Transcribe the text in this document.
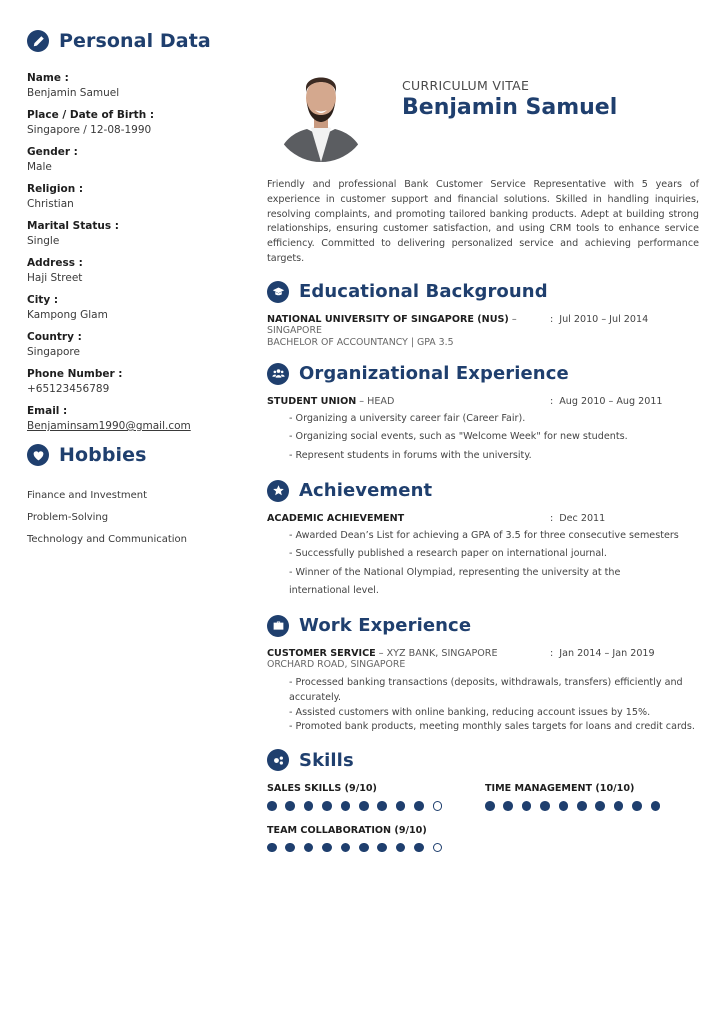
Personal Data
Name :
Benjamin Samuel
Place / Date of Birth :
Singapore / 12-08-1990
Gender :
Male
Religion :
Christian
Marital Status :
Single
Address :
Haji Street
City :
Kampong Glam
Country :
Singapore
Phone Number :
+65123456789
Email :
Benjaminsam1990@gmail.com
Hobbies
Finance and Investment
Problem-Solving
Technology and Communication
CURRICULUM VITAE
Benjamin Samuel

Friendly and professional Bank Customer Service Representative with 5 years of experience in customer support and financial solutions. Skilled in handling inquiries, resolving complaints, and promoting tailored banking products. Adept at building strong relationships, ensuring customer satisfaction, and using CRM tools to enhance service efficiency. Committed to delivering personalized service and achieving performance targets.

Educational Background
NATIONAL UNIVERSITY OF SINGAPORE (NUS) –	: Jul 2010 – Jul 2014
SINGAPORE
BACHELOR OF ACCOUNTANCY | GPA 3.5
Organizational Experience
STUDENT UNION – HEAD	: Aug 2010 – Aug 2011
- Organizing a university career fair (Career Fair).
- Organizing social events, such as "Welcome Week" for new students.
- Represent students in forums with the university.
Achievement
ACADEMIC ACHIEVEMENT	: Dec 2011
- Awarded Dean’s List for achieving a GPA of 3.5 for three consecutive semesters
- Successfully published a research paper on international journal.
- Winner of the National Olympiad, representing the university at the
international level.
Work Experience
CUSTOMER SERVICE – XYZ BANK, SINGAPORE	: Jan 2014 – Jan 2019
ORCHARD ROAD, SINGAPORE
- Processed banking transactions (deposits, withdrawals, transfers) efficiently and accurately.
- Assisted customers with online banking, reducing account issues by 15%.
- Promoted bank products, meeting monthly sales targets for loans and credit cards.
Skills
SALES SKILLS (9/10)	TIME MANAGEMENT (10/10)
TEAM COLLABORATION (9/10)
